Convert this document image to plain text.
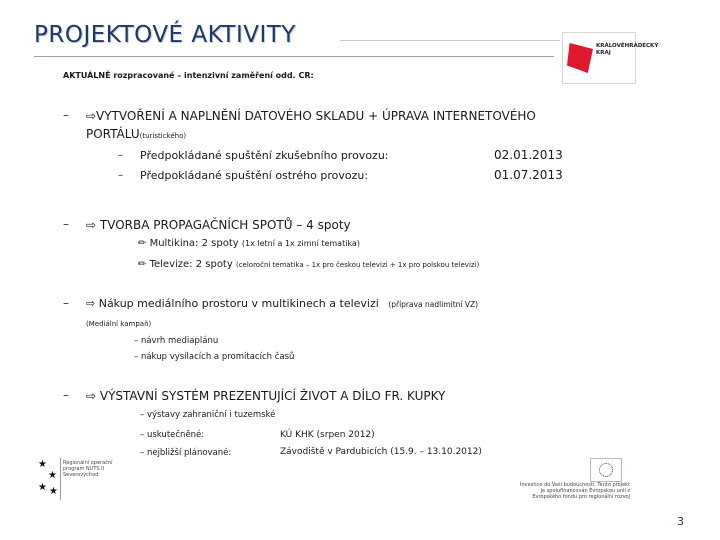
PROJEKTOVÉ AKTIVITY	KRÁLOVÉHRADECKÝ KRAJ
AKTUÁLNĚ rozpracované – intenzivní zaměření odd. CR:
– ⇨VYTVOŘENÍ A NAPLNĚNÍ DATOVÉHO SKLADU + ÚPRAVA INTERNETOVÉHO
PORTÁLU(turistického)
– Předpokládané spuštění zkušebního provozu:	02.01.2013
– Předpokládané spuštění ostrého provozu:	01.07.2013
– ⇨ TVORBA PROPAGAČNÍCH SPOTŮ – 4 spoty
✏ Multikina: 2 spoty (1x letní a 1x zimní tematika)
✏ Televize: 2 spoty (celoroční tematika – 1x pro českou televizi + 1x pro polskou televizi)
– ⇨ Nákup mediálního prostoru v multikinech a televizi (příprava nadlimitní VZ)
(Mediální kampaň)
– návrh mediaplánu
– nákup vysílacích a promítacích časů
– ⇨ VÝSTAVNÍ SYSTÉM PREZENTUJÍCÍ ŽIVOT A DÍLO FR. KUPKY
– výstavy zahraniční i tuzemské
– uskutečněné:	KÚ KHK (srpen 2012)
– nejbližší plánované:	Závodiště v Pardubicích (15.9. – 13.10.2012)
★
★
★ ★
Regionální operační program NUTS II Severovýchod
Investice do Vaší budoucnosti. Tento projekt je spolufinancován Evropskou unií z Evropského fondu pro regionální rozvoj
3
